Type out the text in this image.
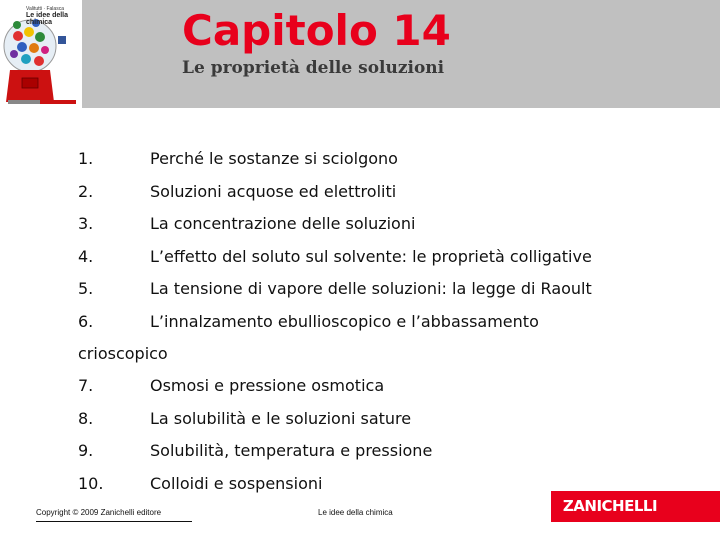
Valitutti · Falasca
Le idee della
chimica	Capitolo 14
Le proprietà delle soluzioni
1.	Perché le sostanze si sciolgono
2.	Soluzioni acquose ed elettroliti
3.	La concentrazione delle soluzioni
4.	L’effetto del soluto sul solvente: le proprietà colligative
5.	La tensione di vapore delle soluzioni: la legge di Raoult
6.	L’innalzamento ebullioscopico e l’abbassamento
crioscopico
7.	Osmosi e pressione osmotica
8.	La solubilità e le soluzioni sature
9.	Solubilità, temperatura e pressione
10.	Colloidi e sospensioni
Copyright © 2009 Zanichelli editore	Le idee della chimica	ZANICHELLI
